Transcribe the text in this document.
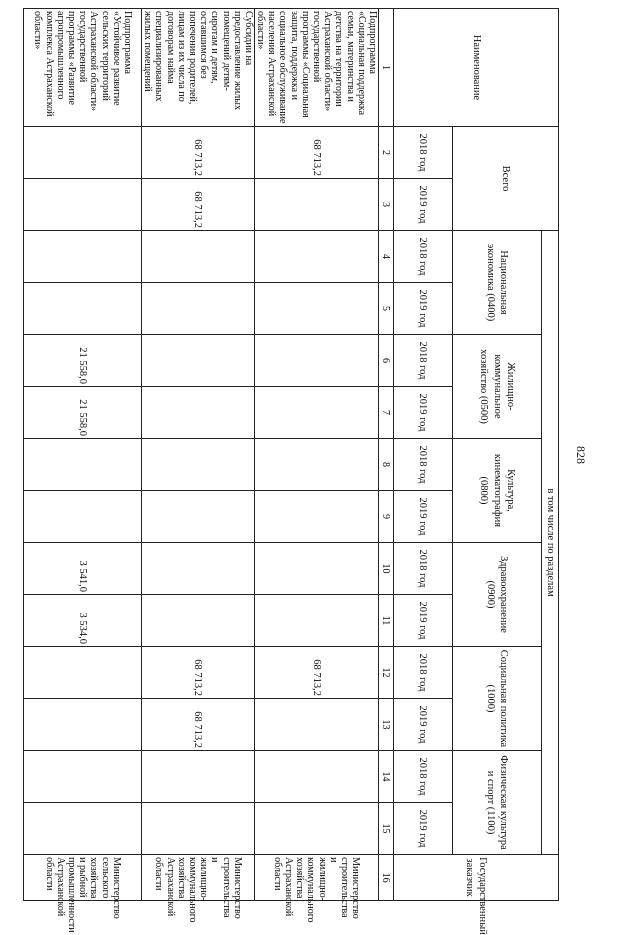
828
Наименование	Всего		в том числе по разделам												Государственный заказчик
			Национальная экономика (0400)		Жилищно-коммунальное хозяйство (0500)		Культура, кинематография (0800)		Здравоохранение (0900)		Социальная политика (1000)		Физическая культура и спорт (1100)		
	2018 год	2019 год	2018 год	2019 год	2018 год	2019 год	2018 год	2019 год	2018 год	2019 год	2018 год	2019 год	2018 год	2019 год	
1	2	3	4	5	6	7	8	9	10	11	12	13	14	15	16
Подпрограмма «Социальная поддержка семьи, материнства и детства на территории Астраханской области» государственной программы «Социальная защита, поддержка и социальное обслуживание населения Астраханской области»	68 713,2										68 713,2				Министерство строительства и жилищно-коммунального хозяйства Астраханской области
Субсидии на предоставление жилых помещений детям-сиротам и детям, оставшимся без попечения родителей, лицам из их числа по договорам найма специализированных жилых помещений	68 713,2	68 713,2									68 713,2	68 713,2			Министерство строительства и жилищно-коммунального хозяйства Астраханской области
Подпрограмма «Устойчивое развитие сельских территорий Астраханской области» государственной программы «Развитие агропромышленного комплекса Астраханской области»					21 558,0	21 558,0			3 541,0	3 534,0					Министерство сельского хозяйства и рыбной промышленности Астраханской области
